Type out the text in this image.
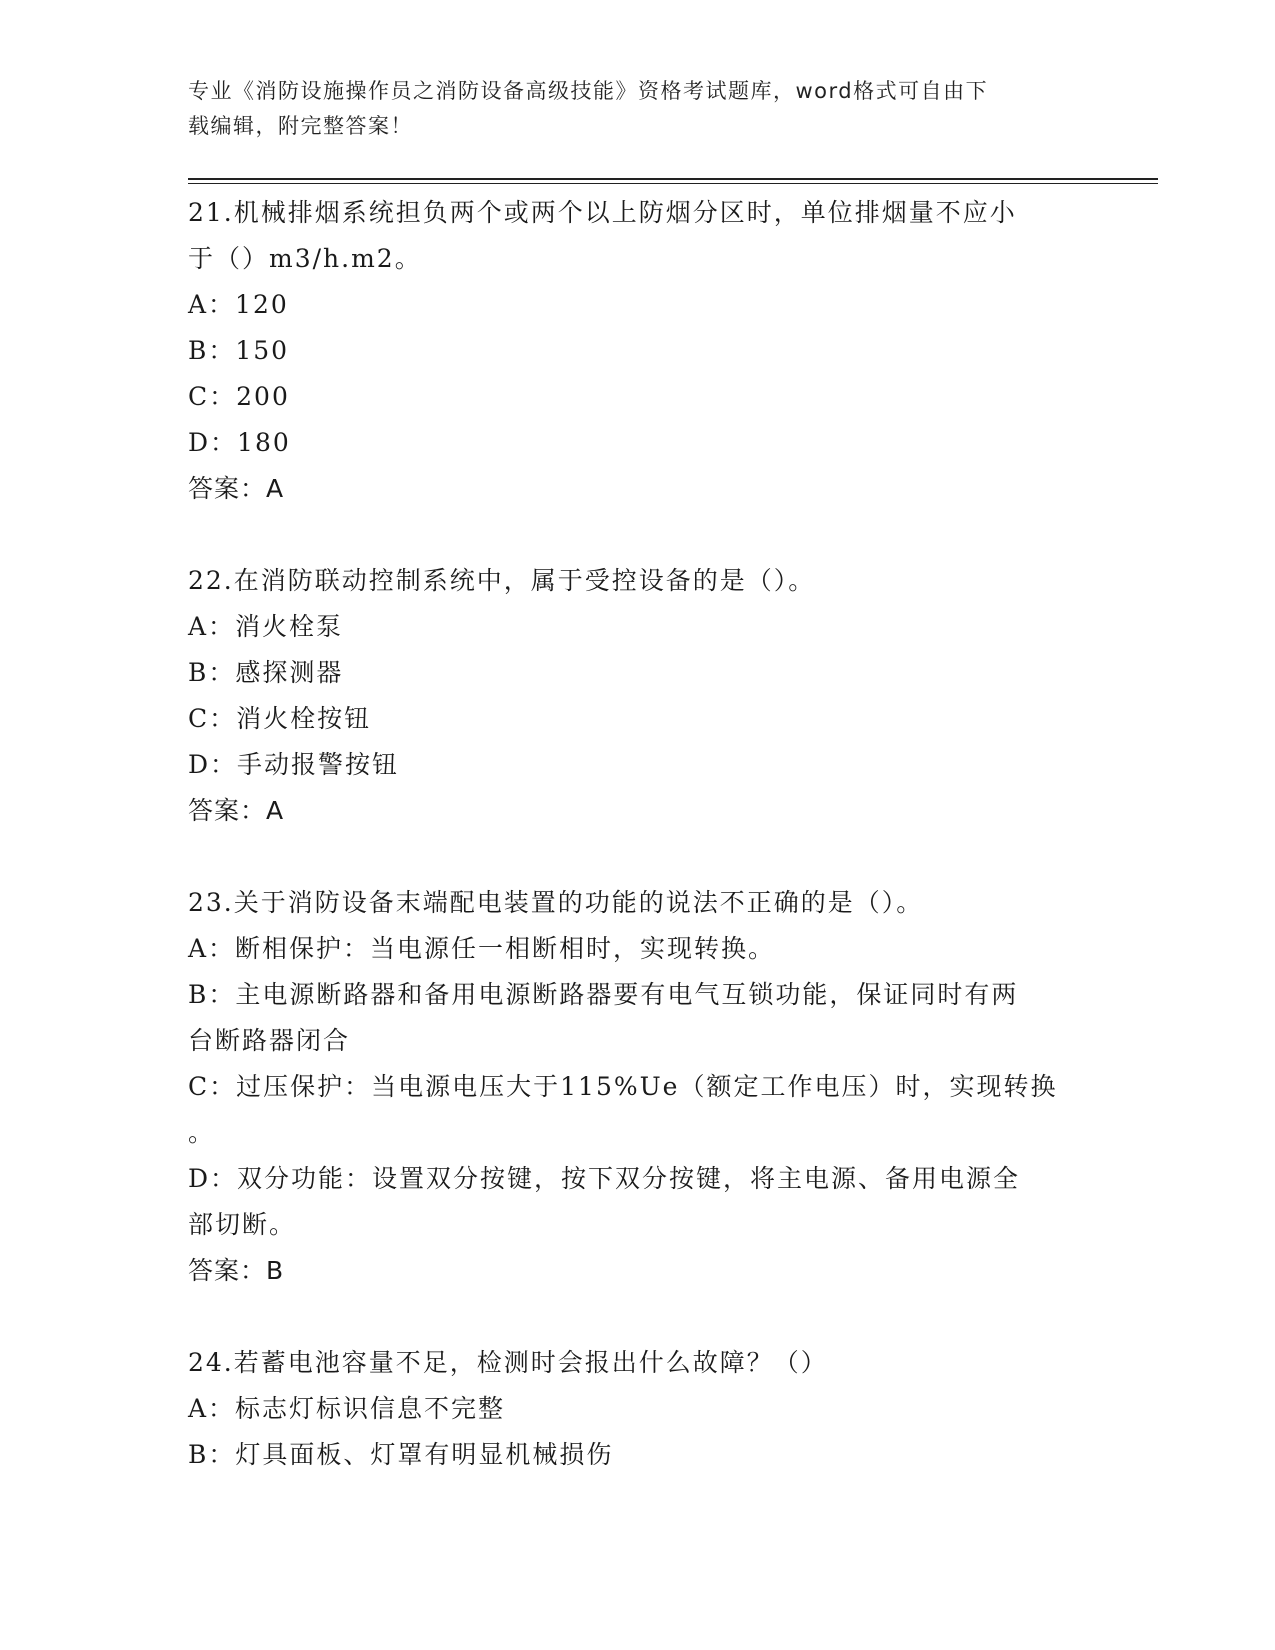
专业《消防设施操作员之消防设备高级技能》资格考试题库，word格式可自由下
载编辑，附完整答案！
21.机械排烟系统担负两个或两个以上防烟分区时，单位排烟量不应小
于（）m3/h.m2。
A：120
B：150
C：200
D：180
答案：A
22.在消防联动控制系统中，属于受控设备的是（）。
A：消火栓泵
B：感探测器
C：消火栓按钮
D：手动报警按钮
答案：A
23.关于消防设备末端配电装置的功能的说法不正确的是（）。
A：断相保护：当电源任一相断相时，实现转换。
B：主电源断路器和备用电源断路器要有电气互锁功能，保证同时有两
台断路器闭合
C：过压保护：当电源电压大于115%Ue（额定工作电压）时，实现转换
。
D：双分功能：设置双分按键，按下双分按键，将主电源、备用电源全
部切断。
答案：B
24.若蓄电池容量不足，检测时会报出什么故障？（）
A：标志灯标识信息不完整
B：灯具面板、灯罩有明显机械损伤
